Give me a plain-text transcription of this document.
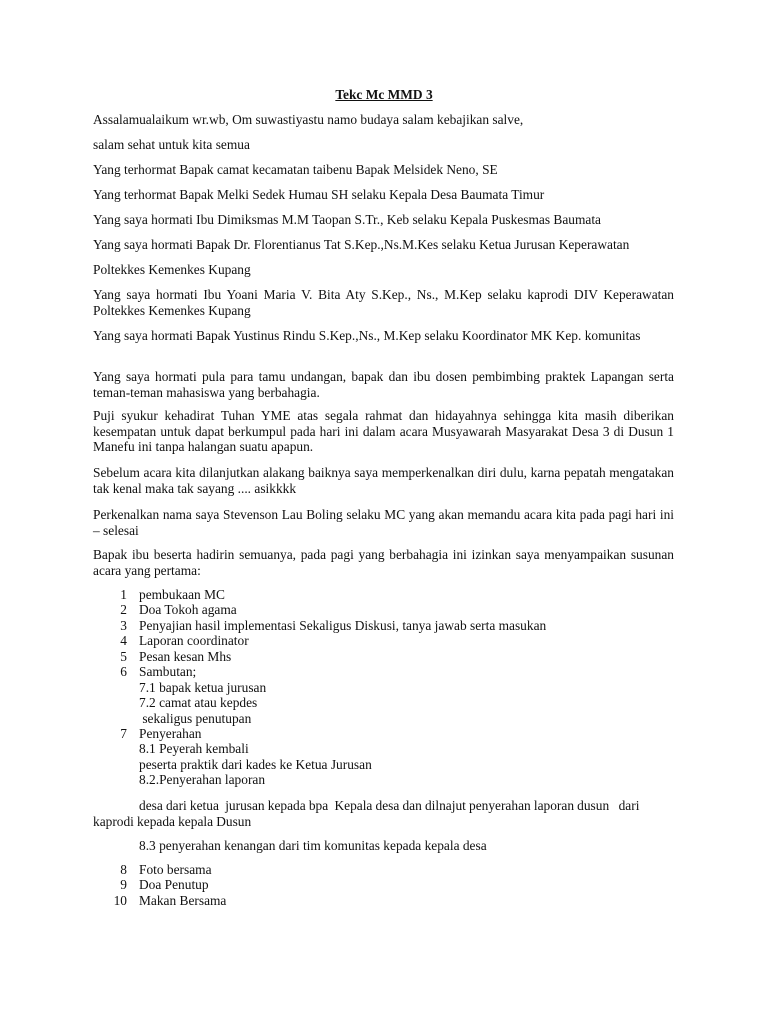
Tekc Mc MMD 3

Assalamualaikum wr.wb, Om suwastiyastu namo budaya salam kebajikan salve,

salam sehat untuk kita semua

Yang terhormat Bapak camat kecamatan taibenu Bapak Melsidek Neno, SE

Yang terhormat Bapak Melki Sedek Humau SH selaku Kepala Desa Baumata Timur

Yang saya hormati Ibu Dimiksmas M.M Taopan S.Tr., Keb selaku Kepala Puskesmas Baumata

Yang saya hormati Bapak Dr. Florentianus Tat S.Kep.,Ns.M.Kes selaku Ketua Jurusan Keperawatan

Poltekkes Kemenkes Kupang

Yang saya hormati Ibu Yoani Maria V. Bita Aty S.Kep., Ns., M.Kep selaku kaprodi DIV Keperawatan Poltekkes Kemenkes Kupang

Yang saya hormati Bapak Yustinus Rindu S.Kep.,Ns., M.Kep selaku Koordinator MK Kep. komunitas

Yang saya hormati pula para tamu undangan, bapak dan ibu dosen pembimbing praktek Lapangan serta teman-teman mahasiswa yang berbahagia.

Puji syukur kehadirat Tuhan YME atas segala rahmat dan hidayahnya sehingga kita masih diberikan kesempatan untuk dapat berkumpul pada hari ini dalam acara Musyawarah Masyarakat Desa 3 di Dusun 1 Manefu ini tanpa halangan suatu apapun.

Sebelum acara kita dilanjutkan alakang baiknya saya memperkenalkan diri dulu, karna pepatah mengatakan tak kenal maka tak sayang .... asikkkk

Perkenalkan nama saya Stevenson Lau Boling selaku MC yang akan memandu acara kita pada pagi hari ini – selesai

Bapak ibu beserta hadirin semuanya, pada pagi yang berbahagia ini izinkan saya menyampaikan susunan acara yang pertama:

1 pembukaan MC
2 Doa Tokoh agama
3 Penyajian hasil implementasi Sekaligus Diskusi, tanya jawab serta masukan
4 Laporan coordinator
5 Pesan kesan Mhs
6 Sambutan;
7.1 bapak ketua jurusan
7.2 camat atau kepdes
sekaligus penutupan
7 Penyerahan
8.1 Peyerah kembali
peserta praktik dari kades ke Ketua Jurusan
8.2.Penyerahan laporan

desa dari ketua  jurusan kepada bpa  Kepala desa dan dilnajut penyerahan laporan dusun   dari kaprodi kepada kepala Dusun

8.3 penyerahan kenangan dari tim komunitas kepada kepala desa
8 Foto bersama
9 Doa Penutup
10 Makan Bersama
